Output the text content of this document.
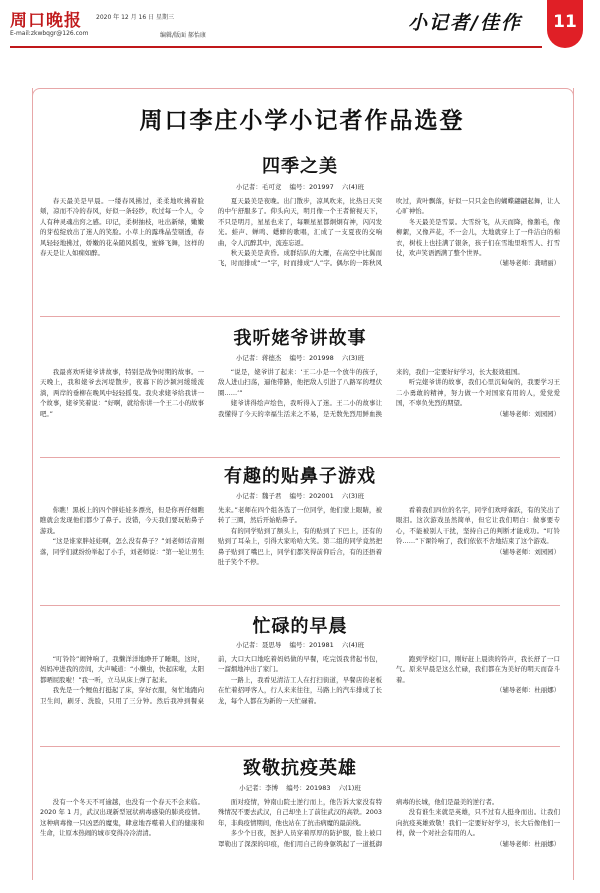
周口晚报 2020 年 12 月 16 日 星期三
E-mail:zkwbqgr@126.com	编辑/版面 郝怡康
小记者/佳作	11
周口李庄小学小记者作品选登
四季之美
小记者：毛可竞 编号：201997 六(4)班

春天最美是早晨。一缕春风拂过，柔柔地吹拂着脸颊，凉而不冷的春风，好似一条轻纱，吹过每一个人，令人有种灵魂出窍之感。印记，柔树抽枝，吐出新绿，嫩嫩的芽苞绽放出了迷人的笑脸。小草上的露珠晶莹剔透，春风轻轻地拂过，娇嫩的花朵随风摇曳，蜜蜂飞舞，这样的春天是让人如痴如醉。

夏天最美是夜晚。出门散步，凉风吹来，比热日天突的中午舒服多了。仰头向天，明月像一个王者俯视天下，不只是明月，星星也来了，每颗星星都炯炯有神，闪闪发光。蛙声、蝉鸣、蟋蟀的歌唱，汇成了一支夏夜的交响曲，令人沉醉其中，流连忘返。

秋天最美是黄昏。成群结队的大雁，在高空中比翼而飞，时而排成“一”字，时而排成“人”字。偶尔的一阵秋风吹过，黄叶飘落，好似一只只金色的蝴蝶翩翩起舞，让人心旷神怡。

冬天最美是雪景。大雪纷飞，从天而降，像鹅毛，像柳絮，又像芦花，不一会儿，大地就穿上了一件洁白的棉衣，树枝上也挂满了银条，孩子们在雪地里堆雪人、打雪仗，欢声笑语洒满了整个世界。

（辅导老师：龚晴丽）
我听姥爷讲故事
小记者：蒋德杰 编号：201998 六(3)班

我最喜欢听姥爷讲故事，特别是战争时期的故事。一天晚上，我和姥爷去河堤散步，夜幕下的沙颍河缓缓流淌，两岸的垂柳在晚风中轻轻摇曳。我央求姥爷给我讲一个故事，姥爷笑着说：“好啊，就给你讲一个王二小的故事吧。”

“说是，姥爷讲了起来：‘王二小是一个放牛的孩子，敌人进山扫荡，逼他带路，他把敌人引进了八路军的埋伏圈……’”

姥爷讲得绘声绘色，我听得入了迷。王二小的故事让我懂得了今天的幸福生活来之不易，是无数先烈用鲜血换来的，我们一定要好好学习，长大报效祖国。

听完姥爷讲的故事，我们心里沉甸甸的，我要学习王二小勇敢的精神，努力做一个对国家有用的人，爱党爱国，不辜负先烈的期望。

（辅导老师：刘园园）
有趣的贴鼻子游戏
小记者：魏子君 编号：202001 六(3)班

你瞧！黑板上的四个胖娃娃多漂亮，但是你再仔细瞧瞧就会发现他们都少了鼻子。没错，今天我们要玩贴鼻子游戏。

“这是谁家胖娃娃啊，怎么没有鼻子？”刘老师话音刚落，同学们就纷纷举起了小手，刘老师说：“第一轮让男生先来。”老师在四个组各选了一位同学，他们蒙上眼睛，被转了三圈，然后开始贴鼻子。

有的同学贴到了额头上，有的贴到了下巴上，还有的贴到了耳朵上，引得大家哈哈大笑。第二组的同学竟然把鼻子贴到了嘴巴上，同学们都笑得前仰后合，有的还捂着肚子笑个不停。

看着我们四位的名字，同学们欢呼雀跃，有的笑出了眼泪。这次游戏虽然简单，但它让我们明白：做事要专心，不能被别人干扰，坚持自己的判断才能成功。“叮铃铃……”下课铃响了，我们依依不舍地结束了这个游戏。

（辅导老师：刘园园）
忙碌的早晨
小记者：聂思导 编号：201981 六(4)班

“叮铃铃”闹钟响了，我懒洋洋地睁开了睡眼，这时，妈妈冲进我的房间，大声喊道：“小懒虫，快起床啦，太阳都晒屁股啦！”我一听，立马从床上弹了起来。

我先是一个鲤鱼打挺起了床，穿好衣服，匆忙地跑向卫生间，刷牙、洗脸，只用了三分钟。然后我冲到餐桌前，大口大口地吃着妈妈做的早餐，吃完饭我背起书包，一溜烟地冲出了家门。

一路上，我看见清洁工人在打扫街道，早餐店的老板在忙着招呼客人，行人来来往往，马路上的汽车排成了长龙，每个人都在为新的一天忙碌着。

跑到学校门口，刚好赶上晨读的铃声，我长舒了一口气。原来早晨是这么忙碌，我们都在为美好的明天而奋斗着。

（辅导老师：杜丽娜）
致敬抗疫英雄
小记者：李博 编号：201983 六(1)班

没有一个冬天不可逾越，也没有一个春天不会来临。2020 年 1 月，武汉出现新型冠状病毒感染的肺炎疫情。这种病毒像一只凶恶的魔鬼，肆意地吞噬着人们的健康和生命，让原本热闹的城市变得冷冷清清。

面对疫情，钟南山院士逆行而上，他告诉大家没有特殊情况不要去武汉，自己却坐上了前往武汉的高铁。2003 年，非典疫情期间，他也站在了抗击病魔的最前线。

多少个日夜，医护人员穿着厚厚的防护服，脸上被口罩勒出了深深的印痕，他们用自己的身躯筑起了一道抵御病毒的长城，他们是最美的逆行者。

没有谁生来就是英雄，只不过有人挺身而出。让我们向抗疫英雄致敬！我们一定要好好学习，长大后像他们一样，做一个对社会有用的人。

（辅导老师：杜丽娜）
